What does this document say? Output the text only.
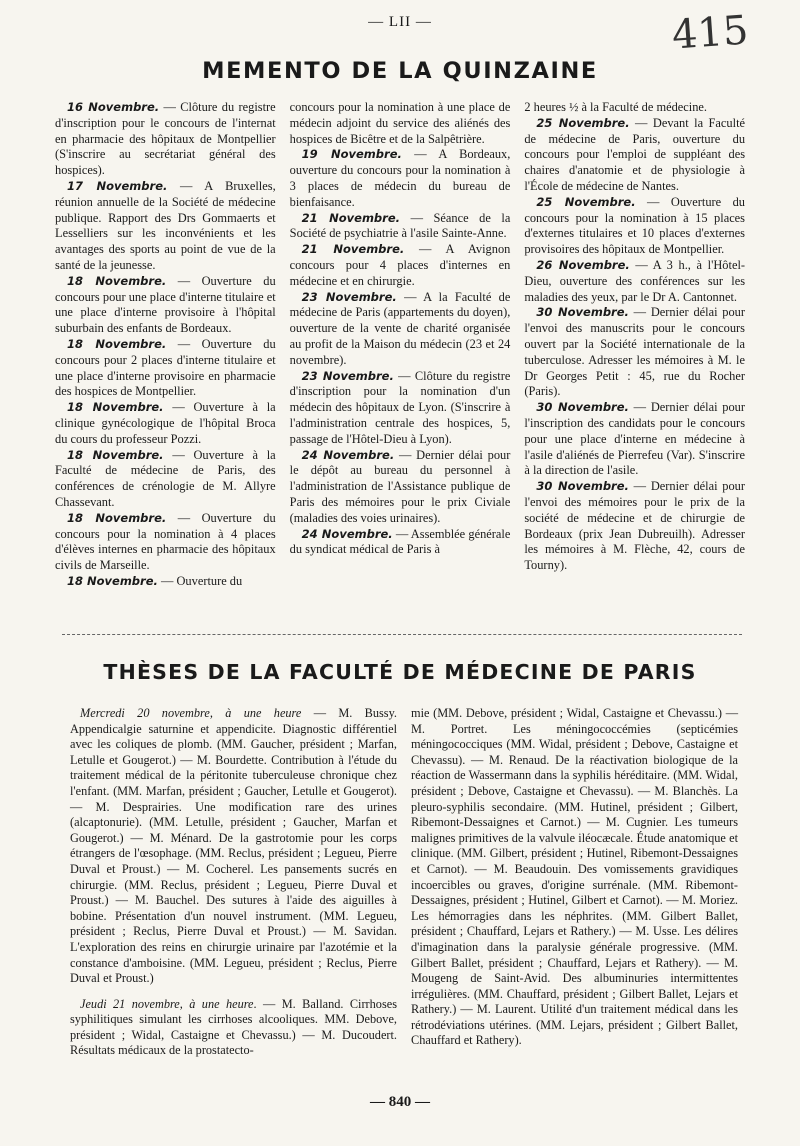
— LII —	415
MEMENTO DE LA QUINZAINE

16 Novembre. — Clôture du registre d'inscription pour le concours de l'internat en pharmacie des hôpitaux de Montpellier (S'inscrire au secrétariat général des hospices).

17 Novembre. — A Bruxelles, réunion annuelle de la Société de médecine publique. Rapport des Drs Gommaerts et Lesselliers sur les inconvénients et les avantages des sports au point de vue de la santé de la jeunesse.

18 Novembre. — Ouverture du concours pour une place d'interne titulaire et une place d'interne provisoire à l'hôpital suburbain des enfants de Bordeaux.

18 Novembre. — Ouverture du concours pour 2 places d'interne titulaire et une place d'interne provisoire en pharmacie des hospices de Montpellier.

18 Novembre. — Ouverture à la clinique gynécologique de l'hôpital Broca du cours du professeur Pozzi.

18 Novembre. — Ouverture à la Faculté de médecine de Paris, des conférences de crénologie de M. Allyre Chassevant.

18 Novembre. — Ouverture du concours pour la nomination à 4 places d'élèves internes en pharmacie des hôpitaux civils de Marseille.

18 Novembre. — Ouverture du

concours pour la nomination à une place de médecin adjoint du service des aliénés des hospices de Bicêtre et de la Salpêtrière.

19 Novembre. — A Bordeaux, ouverture du concours pour la nomination à 3 places de médecin du bureau de bienfaisance.

21 Novembre. — Séance de la Société de psychiatrie à l'asile Sainte-Anne.

21 Novembre. — A Avignon concours pour 4 places d'internes en médecine et en chirurgie.

23 Novembre. — A la Faculté de médecine de Paris (appartements du doyen), ouverture de la vente de charité organisée au profit de la Maison du médecin (23 et 24 novembre).

23 Novembre. — Clôture du registre d'inscription pour la nomination d'un médecin des hôpitaux de Lyon. (S'inscrire à l'administration centrale des hospices, 5, passage de l'Hôtel-Dieu à Lyon).

24 Novembre. — Dernier délai pour le dépôt au bureau du personnel à l'administration de l'Assistance publique de Paris des mémoires pour le prix Civiale (maladies des voies urinaires).

24 Novembre. — Assemblée générale du syndicat médical de Paris à

2 heures ½ à la Faculté de médecine.

25 Novembre. — Devant la Faculté de médecine de Paris, ouverture du concours pour l'emploi de suppléant des chaires d'anatomie et de physiologie à l'École de médecine de Nantes.

25 Novembre. — Ouverture du concours pour la nomination à 15 places d'externes titulaires et 10 places d'externes provisoires des hôpitaux de Montpellier.

26 Novembre. — A 3 h., à l'Hôtel-Dieu, ouverture des conférences sur les maladies des yeux, par le Dr A. Cantonnet.

30 Novembre. — Dernier délai pour l'envoi des manuscrits pour le concours ouvert par la Société internationale de la tuberculose. Adresser les mémoires à M. le Dr Georges Petit : 45, rue du Rocher (Paris).

30 Novembre. — Dernier délai pour l'inscription des candidats pour le concours pour une place d'interne en médecine à l'asile d'aliénés de Pierrefeu (Var). S'inscrire à la direction de l'asile.

30 Novembre. — Dernier délai pour l'envoi des mémoires pour le prix de la société de médecine et de chirurgie de Bordeaux (prix Jean Dubreuilh). Adresser les mémoires à M. Flèche, 42, cours de Tourny).

THÈSES DE LA FACULTÉ DE MÉDECINE DE PARIS

Mercredi 20 novembre, à une heure — M. Bussy. Appendicalgie saturnine et appendicite. Diagnostic différentiel avec les coliques de plomb. (MM. Gaucher, président ; Marfan, Letulle et Gougerot.) — M. Bourdette. Contribution à l'étude du traitement médical de la péritonite tuberculeuse chronique chez l'enfant. (MM. Marfan, président ; Gaucher, Letulle et Gougerot). — M. Desprairies. Une modification rare des urines (alcaptonurie). (MM. Letulle, président ; Gaucher, Marfan et Gougerot.) — M. Ménard. De la gastrotomie pour les corps étrangers de l'œsophage. (MM. Reclus, président ; Legueu, Pierre Duval et Proust.) — M. Cocherel. Les pansements sucrés en chirurgie. (MM. Reclus, président ; Legueu, Pierre Duval et Proust.) — M. Bauchel. Des sutures à l'aide des aiguilles à bobine. Présentation d'un nouvel instrument. (MM. Legueu, président ; Reclus, Pierre Duval et Proust.) — M. Savidan. L'exploration des reins en chirurgie urinaire par l'azotémie et la constance d'amboisine. (MM. Legueu, président ; Reclus, Pierre Duval et Proust.)

Jeudi 21 novembre, à une heure. — M. Balland. Cirrhoses syphilitiques simulant les cirrhoses alcooliques. MM. Debove, président ; Widal, Castaigne et Chevassu.) — M. Ducoudert. Résultats médicaux de la prostatecto-

mie (MM. Debove, président ; Widal, Castaigne et Chevassu.) — M. Portret. Les méningococcémies (septicémies méningococciques (MM. Widal, président ; Debove, Castaigne et Chevassu). — M. Renaud. De la réactivation biologique de la réaction de Wassermann dans la syphilis héréditaire. (MM. Widal, président ; Debove, Castaigne et Chevassu). — M. Blanchès. La pleuro-syphilis secondaire. (MM. Hutinel, président ; Gilbert, Ribemont-Dessaignes et Carnot.) — M. Cugnier. Les tumeurs malignes primitives de la valvule iléocæcale. Étude anatomique et clinique. (MM. Gilbert, président ; Hutinel, Ribemont-Dessaignes et Carnot). — M. Beaudouin. Des vomissements gravidiques incoercibles ou graves, d'origine surrénale. (MM. Ribemont-Dessaignes, président ; Hutinel, Gilbert et Carnot). — M. Moriez. Les hémorragies dans les néphrites. (MM. Gilbert Ballet, président ; Chauffard, Lejars et Rathery.) — M. Usse. Les délires d'imagination dans la paralysie générale progressive. (MM. Gilbert Ballet, président ; Chauffard, Lejars et Rathery). — M. Mougeng de Saint-Avid. Des albuminuries intermittentes irrégulières. (MM. Chauffard, président ; Gilbert Ballet, Lejars et Rathery.) — M. Laurent. Utilité d'un traitement médical dans les rétrodéviations utérines. (MM. Lejars, président ; Gilbert Ballet, Chauffard et Rathery).

— 840 —
